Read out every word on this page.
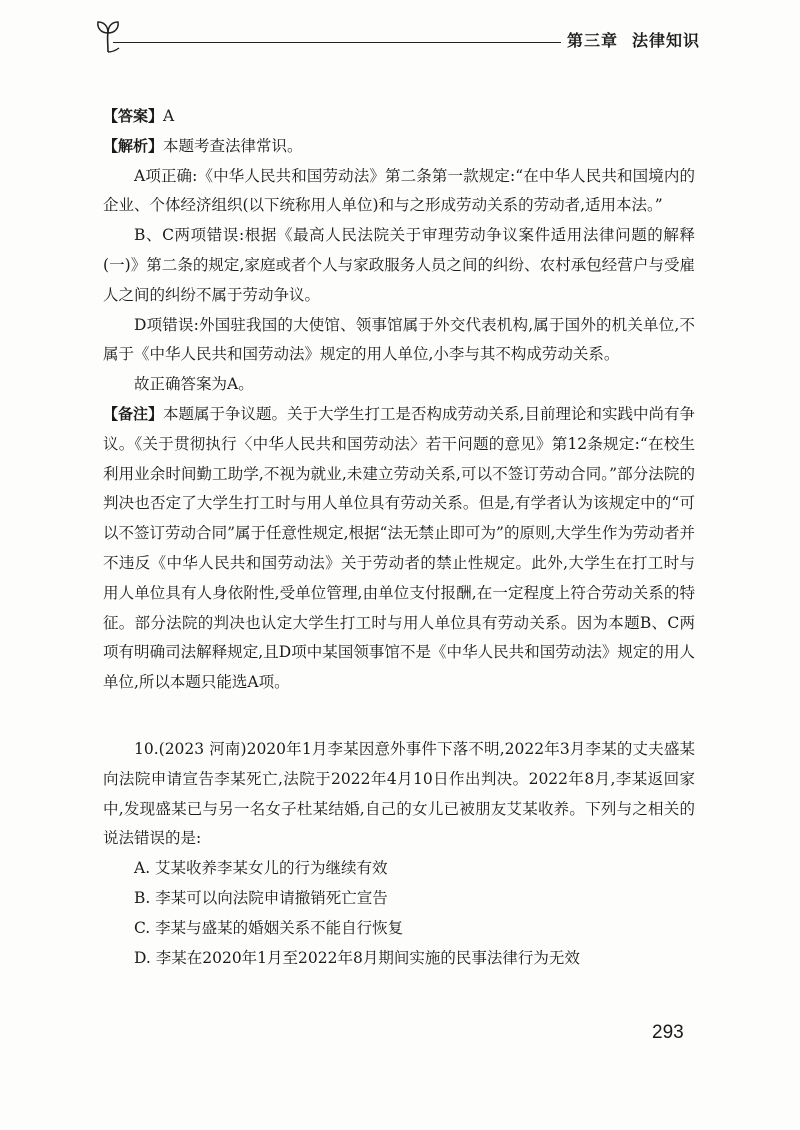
第三章 法律知识

【答案】A

【解析】本题考查法律常识。

A项正确:《中华人民共和国劳动法》第二条第一款规定:“在中华人民共和国境内的企业、个体经济组织(以下统称用人单位)和与之形成劳动关系的劳动者,适用本法。”

B、C两项错误:根据《最高人民法院关于审理劳动争议案件适用法律问题的解释(一)》第二条的规定,家庭或者个人与家政服务人员之间的纠纷、农村承包经营户与受雇人之间的纠纷不属于劳动争议。

D项错误:外国驻我国的大使馆、领事馆属于外交代表机构,属于国外的机关单位,不属于《中华人民共和国劳动法》规定的用人单位,小李与其不构成劳动关系。

故正确答案为A。

【备注】本题属于争议题。关于大学生打工是否构成劳动关系,目前理论和实践中尚有争议。《关于贯彻执行〈中华人民共和国劳动法〉若干问题的意见》第12条规定:“在校生利用业余时间勤工助学,不视为就业,未建立劳动关系,可以不签订劳动合同。”部分法院的判决也否定了大学生打工时与用人单位具有劳动关系。但是,有学者认为该规定中的“可以不签订劳动合同”属于任意性规定,根据“法无禁止即可为”的原则,大学生作为劳动者并不违反《中华人民共和国劳动法》关于劳动者的禁止性规定。此外,大学生在打工时与用人单位具有人身依附性,受单位管理,由单位支付报酬,在一定程度上符合劳动关系的特征。部分法院的判决也认定大学生打工时与用人单位具有劳动关系。因为本题B、C两项有明确司法解释规定,且D项中某国领事馆不是《中华人民共和国劳动法》规定的用人单位,所以本题只能选A项。

10.(2023 河南)2020年1月李某因意外事件下落不明,2022年3月李某的丈夫盛某向法院申请宣告李某死亡,法院于2022年4月10日作出判决。2022年8月,李某返回家中,发现盛某已与另一名女子杜某结婚,自己的女儿已被朋友艾某收养。下列与之相关的说法错误的是:

A. 艾某收养李某女儿的行为继续有效

B. 李某可以向法院申请撤销死亡宣告

C. 李某与盛某的婚姻关系不能自行恢复

D. 李某在2020年1月至2022年8月期间实施的民事法律行为无效

293
